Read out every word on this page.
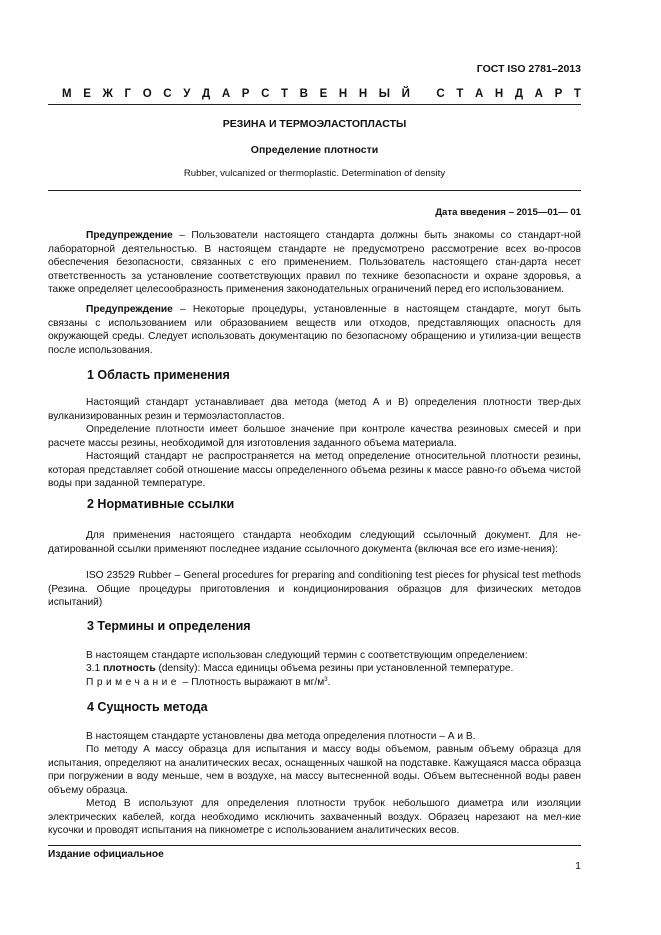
ГОСТ ISO 2781–2013
М Е Ж Г О С У Д А Р С Т В Е Н Н Ы Й
С Т А Н Д А Р Т
РЕЗИНА И ТЕРМОЭЛАСТОПЛАСТЫ
Определение плотности
Rubber, vulcanized or thermoplastic. Determination of density
Дата введения – 2015—01— 01
Предупреждение – Пользователи настоящего стандарта должны быть знакомы со стандарт-ной лабораторной деятельностью. В настоящем стандарте не предусмотрено рассмотрение всех во-просов обеспечения безопасности, связанных с его применением. Пользователь настоящего стан-дарта несет ответственность за установление соответствующих правил по технике безопасности и охране здоровья, а также определяет целесообразность применения законодательных ограничений перед его использованием.
Предупреждение – Некоторые процедуры, установленные в настоящем стандарте, могут быть связаны с использованием или образованием веществ или отходов, представляющих опасность для окружающей среды. Следует использовать документацию по безопасному обращению и утилиза-ции веществ после использования.
1 Область применения
Настоящий стандарт устанавливает два метода (метод А и В) определения плотности твер-дых вулканизированных резин и термоэластопластов.
Определение плотности имеет большое значение при контроле качества резиновых смесей и при расчете массы резины, необходимой для изготовления заданного объема материала.
Настоящий стандарт не распространяется на метод определение относительной плотности резины, которая представляет собой отношение массы определенного объема резины к массе равно-го объема чистой воды при заданной температуре.
2 Нормативные ссылки
Для применения настоящего стандарта необходим следующий ссылочный документ. Для не-датированной ссылки применяют последнее издание ссылочного документа (включая все его изме-нения):
ISO 23529 Rubber – General procedures for preparing and conditioning test pieces for physical test methods (Резина. Общие процедуры приготовления и кондиционирования образцов для физических методов испытаний)
3 Термины и определения
В настоящем стандарте использован следующий термин с соответствующим определением:
3.1 плотность (density): Масса единицы объема резины при установленной температуре.
Примечание – Плотность выражают в $мг/м^3$.
4 Сущность метода
В настоящем стандарте установлены два метода определения плотности – А и В.
По методу А массу образца для испытания и массу воды объемом, равным объему образца для испытания, определяют на аналитических весах, оснащенных чашкой на подставке. Кажущаяся масса образца при погружении в воду меньше, чем в воздухе, на массу вытесненной воды. Объем вытесненной воды равен объему образца.
Метод В используют для определения плотности трубок небольшого диаметра или изоляции электрических кабелей, когда необходимо исключить захваченный воздух. Образец нарезают на мел-кие кусочки и проводят испытания на пикнометре с использованием аналитических весов.
Издание официальное
1
